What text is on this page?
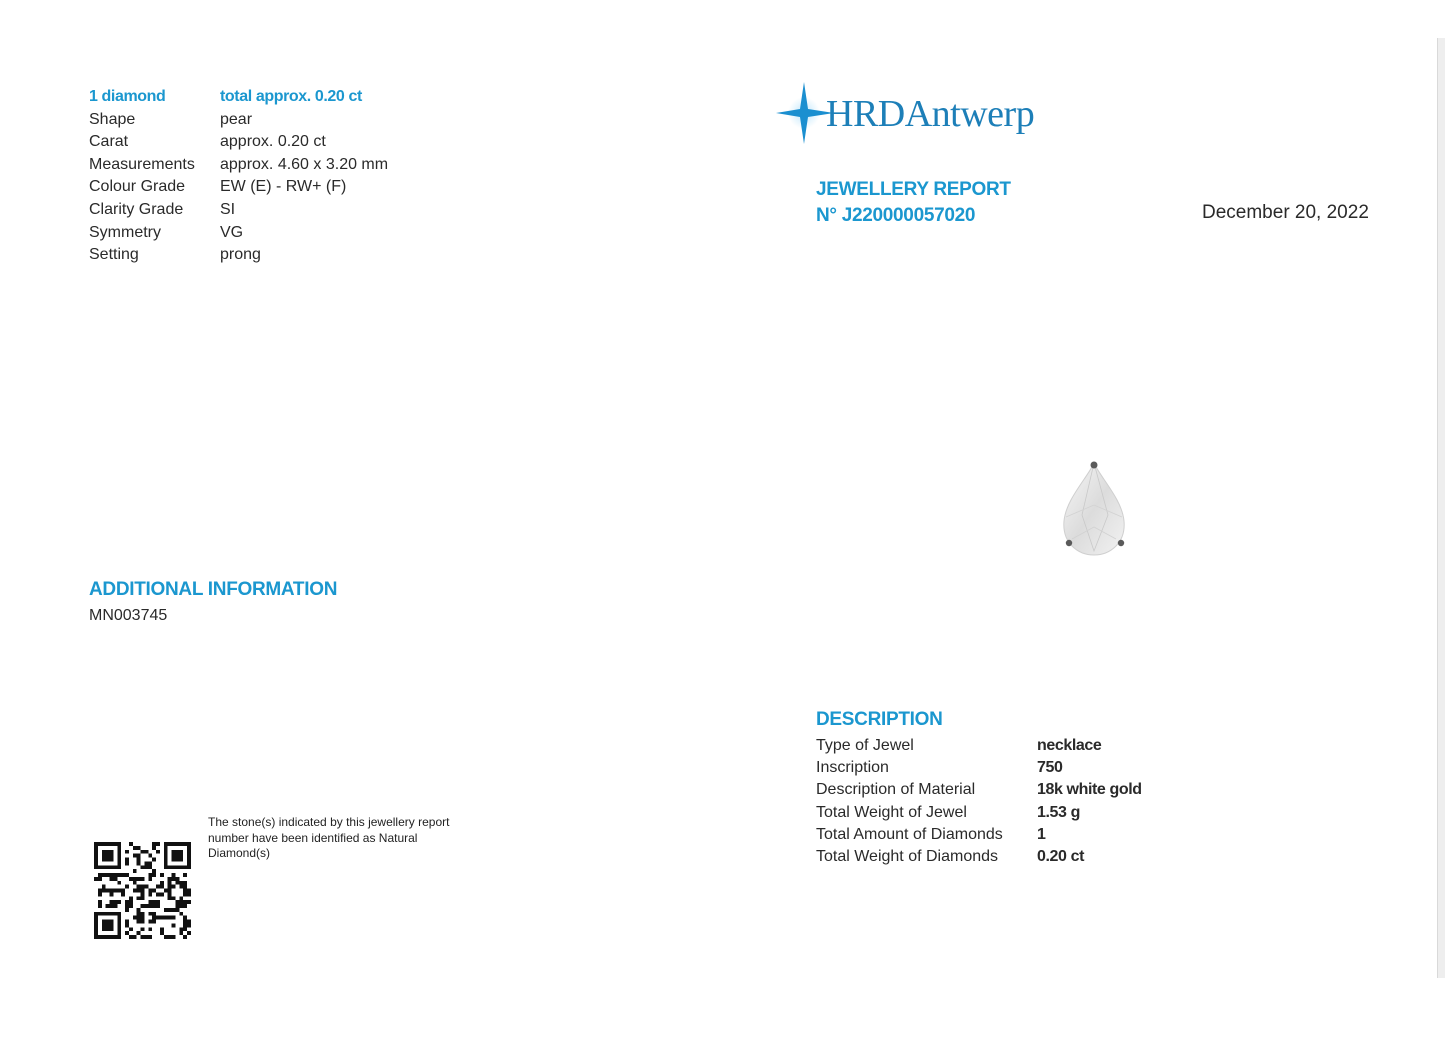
1 diamond	total approx. 0.20 ct
Shape	pear
Carat	approx. 0.20 ct
Measurements	approx. 4.60 x 3.20 mm
Colour Grade	EW (E) - RW+ (F)
Clarity Grade	SI
Symmetry	VG
Setting	prong
HRDAntwerp
JEWELLERY REPORT
N° J220000057020	December 20, 2022
ADDITIONAL INFORMATION
MN003745
DESCRIPTION
Type of Jewel	necklace
Inscription	750
Description of Material	18k white gold
Total Weight of Jewel	1.53 g
Total Amount of Diamonds	1
Total Weight of Diamonds	0.20 ct
The stone(s) indicated by this jewellery report number have been identified as Natural Diamond(s)
